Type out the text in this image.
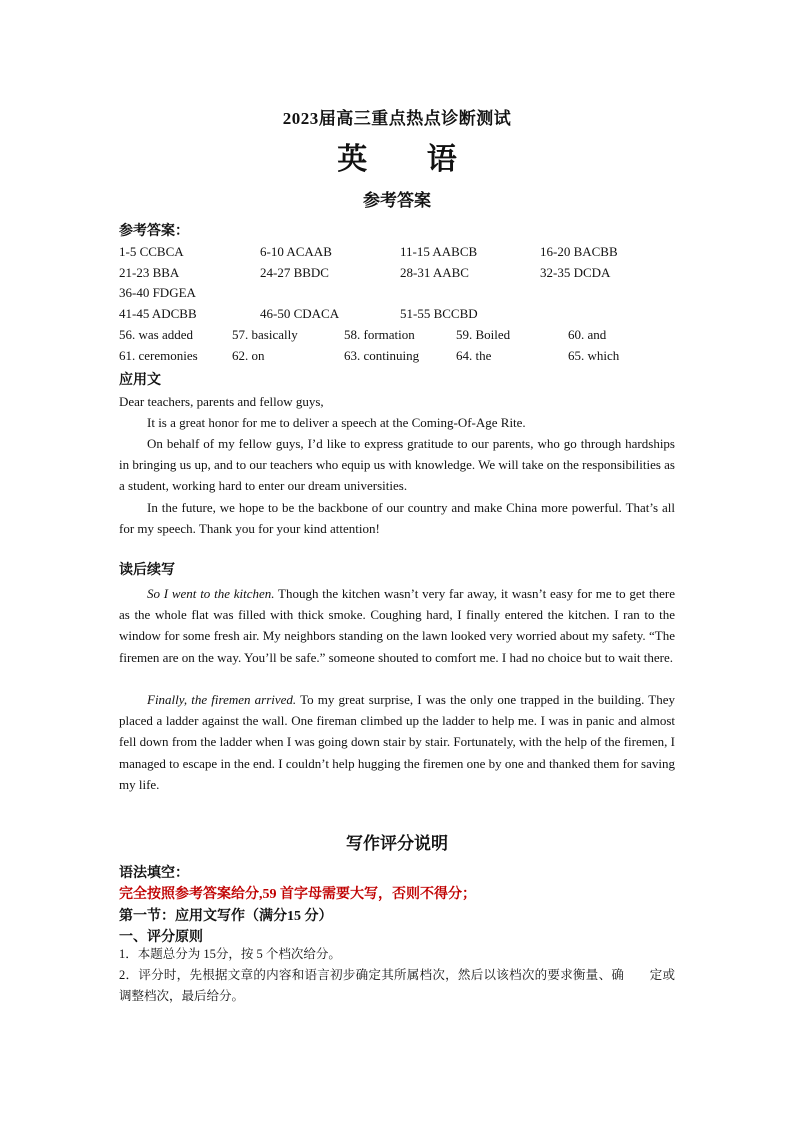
2023届高三重点热点诊断测试
英 语
参考答案
参考答案：
1-5 CCBCA	6-10 ACAAB	11-15 AABCB	16-20 BACBB
21-23 BBA	24-27 BBDC	28-31 AABC	32-35 DCDA
36-40 FDGEA
41-45 ADCBB	46-50 CDACA	51-55 BCCBD
56. was added	57. basically	58. formation	59. Boiled	60. and
61. ceremonies	62. on	63. continuing	64. the	65. which
应用文
Dear teachers, parents and fellow guys,
It is a great honor for me to deliver a speech at the Coming-Of-Age Rite.
On behalf of my fellow guys, I’d like to express gratitude to our parents, who go through hardships in bringing us up, and to our teachers who equip us with knowledge. We will take on the responsibilities as a student, working hard to enter our dream universities.
In the future, we hope to be the backbone of our country and make China more powerful. That’s all for my speech. Thank you for your kind attention!
读后续写
So I went to the kitchen. Though the kitchen wasn’t very far away, it wasn’t easy for me to get there as the whole flat was filled with thick smoke. Coughing hard, I finally entered the kitchen. I ran to the window for some fresh air. My neighbors standing on the lawn looked very worried about my safety. “The firemen are on the way. You’ll be safe.” someone shouted to comfort me. I had no choice but to wait there.
Finally, the firemen arrived. To my great surprise, I was the only one trapped in the building. They placed a ladder against the wall. One fireman climbed up the ladder to help me. I was in panic and almost fell down from the ladder when I was going down stair by stair. Fortunately, with the help of the firemen, I managed to escape in the end. I couldn’t help hugging the firemen one by one and thanked them for saving my life.
写作评分说明
语法填空：
完全按照参考答案给分,59 首字母需要大写，否则不得分；
第一节：应用文写作（满分15 分）
一、评分原则
1．本题总分为 15分，按 5 个档次给分。
2．评分时，先根据文章的内容和语言初步确定其所属档次，然后以该档次的要求衡量、确　　定或调整档次，最后给分。
